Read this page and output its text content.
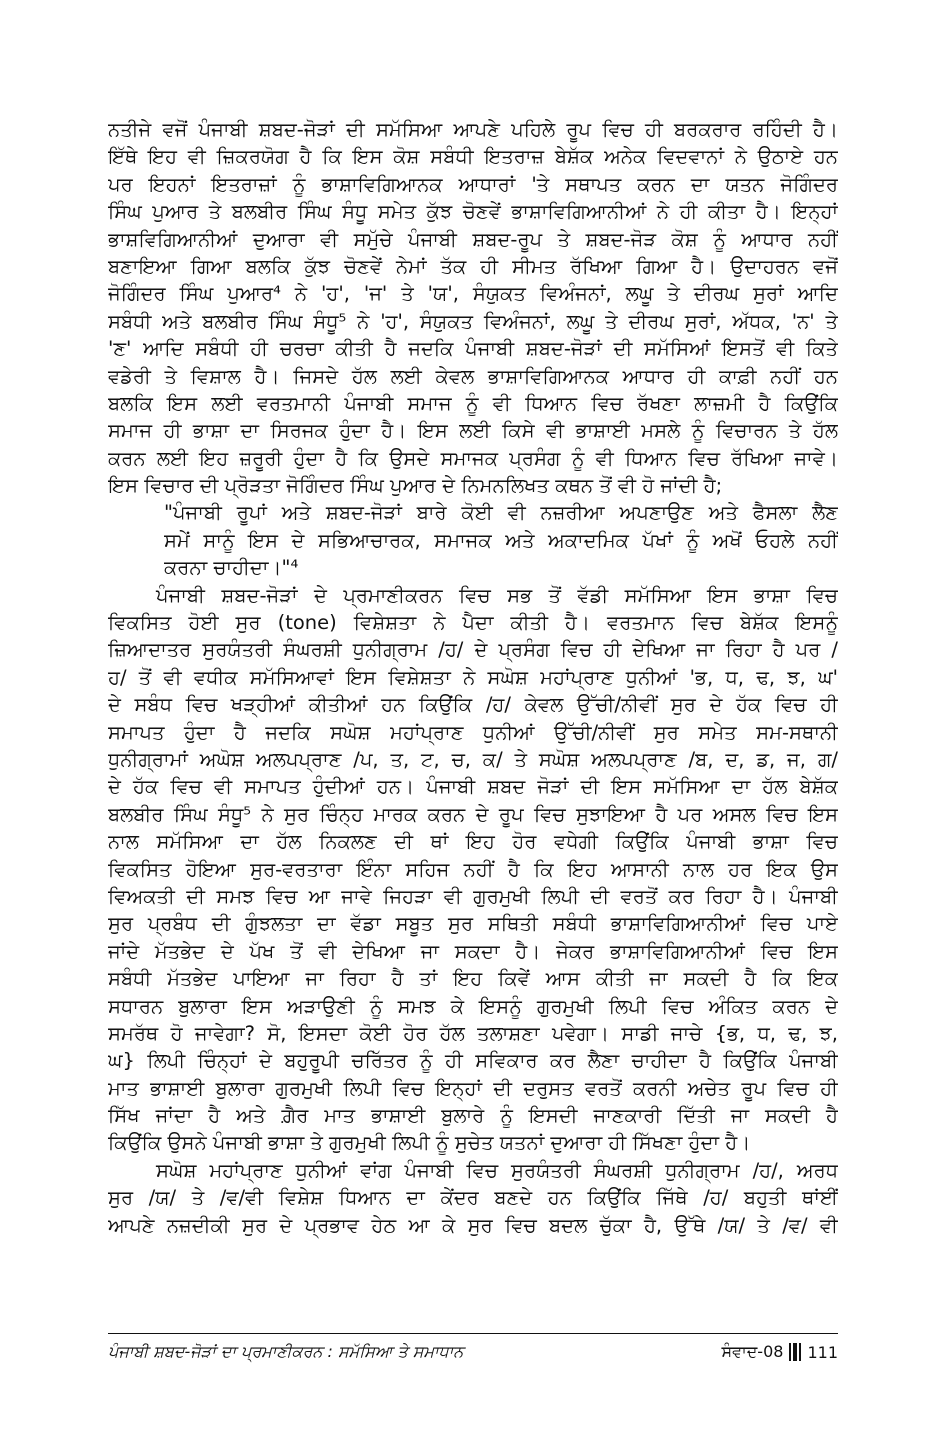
ਨਤੀਜੇ ਵਜੋਂ ਪੰਜਾਬੀ ਸ਼ਬਦ-ਜੋੜਾਂ ਦੀ ਸਮੱਸਿਆ ਆਪਣੇ ਪਹਿਲੇ ਰੂਪ ਵਿਚ ਹੀ ਬਰਕਰਾਰ ਰਹਿੰਦੀ ਹੈ।
ਇੱਥੇ ਇਹ ਵੀ ਜ਼ਿਕਰਯੋਗ ਹੈ ਕਿ ਇਸ ਕੋਸ਼ ਸਬੰਧੀ ਇਤਰਾਜ਼ ਬੇਸ਼ੱਕ ਅਨੇਕ ਵਿਦਵਾਨਾਂ ਨੇ ਉਠਾਏ ਹਨ
ਪਰ ਇਹਨਾਂ ਇਤਰਾਜ਼ਾਂ ਨੂੰ ਭਾਸ਼ਾਵਿਗਿਆਨਕ ਆਧਾਰਾਂ 'ਤੇ ਸਥਾਪਤ ਕਰਨ ਦਾ ਯਤਨ ਜੋਗਿੰਦਰ
ਸਿੰਘ ਪੁਆਰ ਤੇ ਬਲਬੀਰ ਸਿੰਘ ਸੰਧੂ ਸਮੇਤ ਕੁੱਝ ਚੋਣਵੇਂ ਭਾਸ਼ਾਵਿਗਿਆਨੀਆਂ ਨੇ ਹੀ ਕੀਤਾ ਹੈ। ਇਨ੍ਹਾਂ
ਭਾਸ਼ਵਿਗਿਆਨੀਆਂ ਦੁਆਰਾ ਵੀ ਸਮੁੱਚੇ ਪੰਜਾਬੀ ਸ਼ਬਦ-ਰੂਪ ਤੇ ਸ਼ਬਦ-ਜੋੜ ਕੋਸ਼ ਨੂੰ ਆਧਾਰ ਨਹੀਂ
ਬਣਾਇਆ ਗਿਆ ਬਲਕਿ ਕੁੱਝ ਚੋਣਵੇਂ ਨੇਮਾਂ ਤੱਕ ਹੀ ਸੀਮਤ ਰੱਖਿਆ ਗਿਆ ਹੈ। ਉਦਾਹਰਨ ਵਜੋਂ
ਜੋਗਿੰਦਰ ਸਿੰਘ ਪੁਆਰ⁴ ਨੇ 'ਹ', 'ਜ' ਤੇ 'ਯ', ਸੰਯੁਕਤ ਵਿਅੰਜਨਾਂ, ਲਘੂ ਤੇ ਦੀਰਘ ਸੁਰਾਂ ਆਦਿ
ਸਬੰਧੀ ਅਤੇ ਬਲਬੀਰ ਸਿੰਘ ਸੰਧੂ⁵ ਨੇ 'ਹ', ਸੰਯੁਕਤ ਵਿਅੰਜਨਾਂ, ਲਘੂ ਤੇ ਦੀਰਘ ਸੁਰਾਂ, ਅੱਧਕ, 'ਨ' ਤੇ
'ਣ' ਆਦਿ ਸਬੰਧੀ ਹੀ ਚਰਚਾ ਕੀਤੀ ਹੈ ਜਦਕਿ ਪੰਜਾਬੀ ਸ਼ਬਦ-ਜੋੜਾਂ ਦੀ ਸਮੱਸਿਆਂ ਇਸਤੋਂ ਵੀ ਕਿਤੇ
ਵਡੇਰੀ ਤੇ ਵਿਸ਼ਾਲ ਹੈ। ਜਿਸਦੇ ਹੱਲ ਲਈ ਕੇਵਲ ਭਾਸ਼ਾਵਿਗਿਆਨਕ ਆਧਾਰ ਹੀ ਕਾਫ਼ੀ ਨਹੀਂ ਹਨ
ਬਲਕਿ ਇਸ ਲਈ ਵਰਤਮਾਨੀ ਪੰਜਾਬੀ ਸਮਾਜ ਨੂੰ ਵੀ ਧਿਆਨ ਵਿਚ ਰੱਖਣਾ ਲਾਜ਼ਮੀ ਹੈ ਕਿਉਂਕਿ
ਸਮਾਜ ਹੀ ਭਾਸ਼ਾ ਦਾ ਸਿਰਜਕ ਹੁੰਦਾ ਹੈ। ਇਸ ਲਈ ਕਿਸੇ ਵੀ ਭਾਸ਼ਾਈ ਮਸਲੇ ਨੂੰ ਵਿਚਾਰਨ ਤੇ ਹੱਲ
ਕਰਨ ਲਈ ਇਹ ਜ਼ਰੂਰੀ ਹੁੰਦਾ ਹੈ ਕਿ ਉਸਦੇ ਸਮਾਜਕ ਪ੍ਰਸੰਗ ਨੂੰ ਵੀ ਧਿਆਨ ਵਿਚ ਰੱਖਿਆ ਜਾਵੇ।
ਇਸ ਵਿਚਾਰ ਦੀ ਪ੍ਰੋੜਤਾ ਜੋਗਿੰਦਰ ਸਿੰਘ ਪੁਆਰ ਦੇ ਨਿਮਨਲਿਖਤ ਕਥਨ ਤੋਂ ਵੀ ਹੋ ਜਾਂਦੀ ਹੈ;
"ਪੰਜਾਬੀ ਰੂਪਾਂ ਅਤੇ ਸ਼ਬਦ-ਜੋੜਾਂ ਬਾਰੇ ਕੋਈ ਵੀ ਨਜ਼ਰੀਆ ਅਪਣਾਉਣ ਅਤੇ ਫੈਸਲਾ ਲੈਣ
ਸਮੇਂ ਸਾਨੂੰ ਇਸ ਦੇ ਸਭਿਆਚਾਰਕ, ਸਮਾਜਕ ਅਤੇ ਅਕਾਦਮਿਕ ਪੱਖਾਂ ਨੂੰ ਅਖੋਂ ਓਹਲੇ ਨਹੀਂ
ਕਰਨਾ ਚਾਹੀਦਾ।"⁴
ਪੰਜਾਬੀ ਸ਼ਬਦ-ਜੋੜਾਂ ਦੇ ਪ੍ਰਮਾਣੀਕਰਨ ਵਿਚ ਸਭ ਤੋਂ ਵੱਡੀ ਸਮੱਸਿਆ ਇਸ ਭਾਸ਼ਾ ਵਿਚ
ਵਿਕਸਿਤ ਹੋਈ ਸੁਰ (tone) ਵਿਸ਼ੇਸ਼ਤਾ ਨੇ ਪੈਦਾ ਕੀਤੀ ਹੈ। ਵਰਤਮਾਨ ਵਿਚ ਬੇਸ਼ੱਕ ਇਸਨੂੰ
ਜ਼ਿਆਦਾਤਰ ਸੁਰਯੰਤਰੀ ਸੰਘਰਸ਼ੀ ਧੁਨੀਗ੍ਰਾਮ /ਹ/ ਦੇ ਪ੍ਰਸੰਗ ਵਿਚ ਹੀ ਦੇਖਿਆ ਜਾ ਰਿਹਾ ਹੈ ਪਰ /
ਹ/ ਤੋਂ ਵੀ ਵਧੀਕ ਸਮੱਸਿਆਵਾਂ ਇਸ ਵਿਸ਼ੇਸ਼ਤਾ ਨੇ ਸਘੋਸ਼ ਮਹਾਂਪ੍ਰਾਣ ਧੁਨੀਆਂ 'ਭ, ਧ, ਢ, ਝ, ਘ'
ਦੇ ਸਬੰਧ ਵਿਚ ਖੜ੍ਹੀਆਂ ਕੀਤੀਆਂ ਹਨ ਕਿਉਂਕਿ /ਹ/ ਕੇਵਲ ਉੱਚੀ/ਨੀਵੀਂ ਸੁਰ ਦੇ ਹੱਕ ਵਿਚ ਹੀ
ਸਮਾਪਤ ਹੁੰਦਾ ਹੈ ਜਦਕਿ ਸਘੋਸ਼ ਮਹਾਂਪ੍ਰਾਣ ਧੁਨੀਆਂ ਉੱਚੀ/ਨੀਵੀਂ ਸੁਰ ਸਮੇਤ ਸਮ-ਸਥਾਨੀ
ਧੁਨੀਗ੍ਰਾਮਾਂ ਅਘੋਸ਼ ਅਲਪਪ੍ਰਾਣ /ਪ, ਤ, ਟ, ਚ, ਕ/ ਤੇ ਸਘੋਸ਼ ਅਲਪਪ੍ਰਾਣ /ਬ, ਦ, ਡ, ਜ, ਗ/
ਦੇ ਹੱਕ ਵਿਚ ਵੀ ਸਮਾਪਤ ਹੁੰਦੀਆਂ ਹਨ। ਪੰਜਾਬੀ ਸ਼ਬਦ ਜੋੜਾਂ ਦੀ ਇਸ ਸਮੱਸਿਆ ਦਾ ਹੱਲ ਬੇਸ਼ੱਕ
ਬਲਬੀਰ ਸਿੰਘ ਸੰਧੂ⁵ ਨੇ ਸੁਰ ਚਿੰਨ੍ਹ ਮਾਰਕ ਕਰਨ ਦੇ ਰੂਪ ਵਿਚ ਸੁਝਾਇਆ ਹੈ ਪਰ ਅਸਲ ਵਿਚ ਇਸ
ਨਾਲ ਸਮੱਸਿਆ ਦਾ ਹੱਲ ਨਿਕਲਣ ਦੀ ਥਾਂ ਇਹ ਹੋਰ ਵਧੇਗੀ ਕਿਉਂਕਿ ਪੰਜਾਬੀ ਭਾਸ਼ਾ ਵਿਚ
ਵਿਕਸਿਤ ਹੋਇਆ ਸੁਰ-ਵਰਤਾਰਾ ਇੰਨਾ ਸਹਿਜ ਨਹੀਂ ਹੈ ਕਿ ਇਹ ਆਸਾਨੀ ਨਾਲ ਹਰ ਇਕ ਉਸ
ਵਿਅਕਤੀ ਦੀ ਸਮਝ ਵਿਚ ਆ ਜਾਵੇ ਜਿਹੜਾ ਵੀ ਗੁਰਮੁਖੀ ਲਿਪੀ ਦੀ ਵਰਤੋਂ ਕਰ ਰਿਹਾ ਹੈ। ਪੰਜਾਬੀ
ਸੁਰ ਪ੍ਰਬੰਧ ਦੀ ਗੁੰਝਲਤਾ ਦਾ ਵੱਡਾ ਸਬੂਤ ਸੁਰ ਸਥਿਤੀ ਸਬੰਧੀ ਭਾਸ਼ਾਵਿਗਿਆਨੀਆਂ ਵਿਚ ਪਾਏ
ਜਾਂਦੇ ਮੱਤਭੇਦ ਦੇ ਪੱਖ ਤੋਂ ਵੀ ਦੇਖਿਆ ਜਾ ਸਕਦਾ ਹੈ। ਜੇਕਰ ਭਾਸ਼ਾਵਿਗਿਆਨੀਆਂ ਵਿਚ ਇਸ
ਸਬੰਧੀ ਮੱਤਭੇਦ ਪਾਇਆ ਜਾ ਰਿਹਾ ਹੈ ਤਾਂ ਇਹ ਕਿਵੇਂ ਆਸ ਕੀਤੀ ਜਾ ਸਕਦੀ ਹੈ ਕਿ ਇਕ
ਸਧਾਰਨ ਬੁਲਾਰਾ ਇਸ ਅੜਾਉਣੀ ਨੂੰ ਸਮਝ ਕੇ ਇਸਨੂੰ ਗੁਰਮੁਖੀ ਲਿਪੀ ਵਿਚ ਅੰਕਿਤ ਕਰਨ ਦੇ
ਸਮਰੱਥ ਹੋ ਜਾਵੇਗਾ? ਸੋ, ਇਸਦਾ ਕੋਈ ਹੋਰ ਹੱਲ ਤਲਾਸ਼ਣਾ ਪਵੇਗਾ। ਸਾਡੀ ਜਾਚੇ {ਭ, ਧ, ਢ, ਝ,
ਘ} ਲਿਪੀ ਚਿੰਨ੍ਹਾਂ ਦੇ ਬਹੁਰੂਪੀ ਚਰਿੱਤਰ ਨੂੰ ਹੀ ਸਵਿਕਾਰ ਕਰ ਲੈਣਾ ਚਾਹੀਦਾ ਹੈ ਕਿਉਂਕਿ ਪੰਜਾਬੀ
ਮਾਤ ਭਾਸ਼ਾਈ ਬੁਲਾਰਾ ਗੁਰਮੁਖੀ ਲਿਪੀ ਵਿਚ ਇਨ੍ਹਾਂ ਦੀ ਦਰੁਸਤ ਵਰਤੋਂ ਕਰਨੀ ਅਚੇਤ ਰੂਪ ਵਿਚ ਹੀ
ਸਿੱਖ ਜਾਂਦਾ ਹੈ ਅਤੇ ਗ਼ੈਰ ਮਾਤ ਭਾਸ਼ਾਈ ਬੁਲਾਰੇ ਨੂੰ ਇਸਦੀ ਜਾਣਕਾਰੀ ਦਿੱਤੀ ਜਾ ਸਕਦੀ ਹੈ
ਕਿਉਂਕਿ ਉਸਨੇ ਪੰਜਾਬੀ ਭਾਸ਼ਾ ਤੇ ਗੁਰਮੁਖੀ ਲਿਪੀ ਨੂੰ ਸੁਚੇਤ ਯਤਨਾਂ ਦੁਆਰਾ ਹੀ ਸਿੱਖਣਾ ਹੁੰਦਾ ਹੈ।
ਸਘੋਸ਼ ਮਹਾਂਪ੍ਰਾਣ ਧੁਨੀਆਂ ਵਾਂਗ ਪੰਜਾਬੀ ਵਿਚ ਸੁਰਯੰਤਰੀ ਸੰਘਰਸ਼ੀ ਧੁਨੀਗ੍ਰਾਮ /ਹ/, ਅਰਧ
ਸੁਰ /ਯ/ ਤੇ /ਵ/ਵੀ ਵਿਸ਼ੇਸ਼ ਧਿਆਨ ਦਾ ਕੇਂਦਰ ਬਣਦੇ ਹਨ ਕਿਉਂਕਿ ਜਿੱਥੇ /ਹ/ ਬਹੁਤੀ ਥਾਂਈਂ
ਆਪਣੇ ਨਜ਼ਦੀਕੀ ਸੁਰ ਦੇ ਪ੍ਰਭਾਵ ਹੇਠ ਆ ਕੇ ਸੁਰ ਵਿਚ ਬਦਲ ਚੁੱਕਾ ਹੈ, ਉੱਥੇ /ਯ/ ਤੇ /ਵ/ ਵੀ
ਪੰਜਾਬੀ ਸ਼ਬਦ-ਜੋੜਾਂ ਦਾ ਪ੍ਰਮਾਣੀਕਰਨ : ਸਮੱਸਿਆ ਤੇ ਸਮਾਧਾਨ	ਸੰਵਾਦ-08 111
